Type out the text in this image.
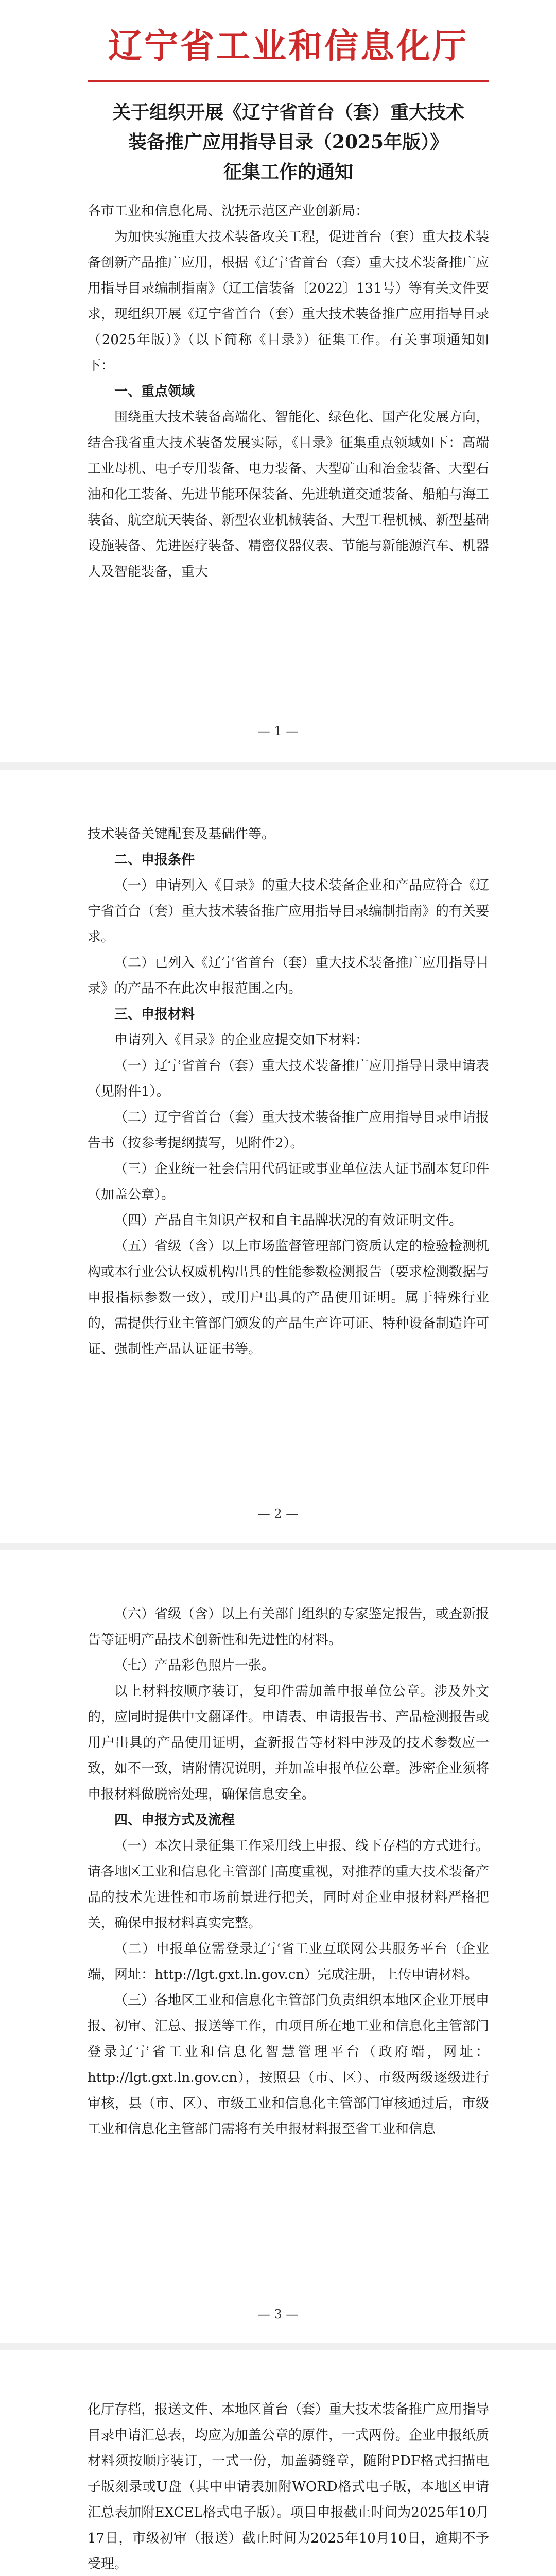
辽宁省工业和信息化厅
关于组织开展《辽宁省首台（套）重大技术
装备推广应用指导目录（2025年版）》
征集工作的通知

各市工业和信息化局、沈抚示范区产业创新局：

为加快实施重大技术装备攻关工程，促进首台（套）重大技术装备创新产品推广应用，根据《辽宁省首台（套）重大技术装备推广应用指导目录编制指南》（辽工信装备〔2022〕131号）等有关文件要求，现组织开展《辽宁省首台（套）重大技术装备推广应用指导目录（2025年版）》（以下简称《目录》）征集工作。有关事项通知如下：

一、重点领域

围绕重大技术装备高端化、智能化、绿色化、国产化发展方向，结合我省重大技术装备发展实际，《目录》征集重点领域如下：高端工业母机、电子专用装备、电力装备、大型矿山和冶金装备、大型石油和化工装备、先进节能环保装备、先进轨道交通装备、船舶与海工装备、航空航天装备、新型农业机械装备、大型工程机械、新型基础设施装备、先进医疗装备、精密仪器仪表、节能与新能源汽车、机器人及智能装备，重大

— 1 —

技术装备关键配套及基础件等。

二、申报条件

（一）申请列入《目录》的重大技术装备企业和产品应符合《辽宁省首台（套）重大技术装备推广应用指导目录编制指南》的有关要求。

（二）已列入《辽宁省首台（套）重大技术装备推广应用指导目录》的产品不在此次申报范围之内。

三、申报材料

申请列入《目录》的企业应提交如下材料：

（一）辽宁省首台（套）重大技术装备推广应用指导目录申请表（见附件1）。

（二）辽宁省首台（套）重大技术装备推广应用指导目录申请报告书（按参考提纲撰写，见附件2）。

（三）企业统一社会信用代码证或事业单位法人证书副本复印件（加盖公章）。

（四）产品自主知识产权和自主品牌状况的有效证明文件。

（五）省级（含）以上市场监督管理部门资质认定的检验检测机构或本行业公认权威机构出具的性能参数检测报告（要求检测数据与申报指标参数一致），或用户出具的产品使用证明。属于特殊行业的，需提供行业主管部门颁发的产品生产许可证、特种设备制造许可证、强制性产品认证证书等。

— 2 —

（六）省级（含）以上有关部门组织的专家鉴定报告，或查新报告等证明产品技术创新性和先进性的材料。

（七）产品彩色照片一张。

以上材料按顺序装订，复印件需加盖申报单位公章。涉及外文的，应同时提供中文翻译件。申请表、申请报告书、产品检测报告或用户出具的产品使用证明，查新报告等材料中涉及的技术参数应一致，如不一致，请附情况说明，并加盖申报单位公章。涉密企业须将申报材料做脱密处理，确保信息安全。

四、申报方式及流程

（一）本次目录征集工作采用线上申报、线下存档的方式进行。请各地区工业和信息化主管部门高度重视，对推荐的重大技术装备产品的技术先进性和市场前景进行把关，同时对企业申报材料严格把关，确保申报材料真实完整。

（二）申报单位需登录辽宁省工业互联网公共服务平台（企业端，网址：http://lgt.gxt.ln.gov.cn）完成注册，上传申请材料。

（三）各地区工业和信息化主管部门负责组织本地区企业开展申报、初审、汇总、报送等工作，由项目所在地工业和信息化主管部门登录辽宁省工业和信息化智慧管理平台（政府端，网址：http://lgt.gxt.ln.gov.cn），按照县（市、区）、市级两级逐级进行审核，县（市、区）、市级工业和信息化主管部门审核通过后，市级工业和信息化主管部门需将有关申报材料报至省工业和信息

— 3 —

化厅存档，报送文件、本地区首台（套）重大技术装备推广应用指导目录申请汇总表，均应为加盖公章的原件，一式两份。企业申报纸质材料须按顺序装订，一式一份，加盖骑缝章，随附PDF格式扫描电子版刻录或U盘（其中申请表加附WORD格式电子版，本地区申请汇总表加附EXCEL格式电子版）。项目申报截止时间为2025年10月17日，市级初审（报送）截止时间为2025年10月10日，逾期不予受理。
